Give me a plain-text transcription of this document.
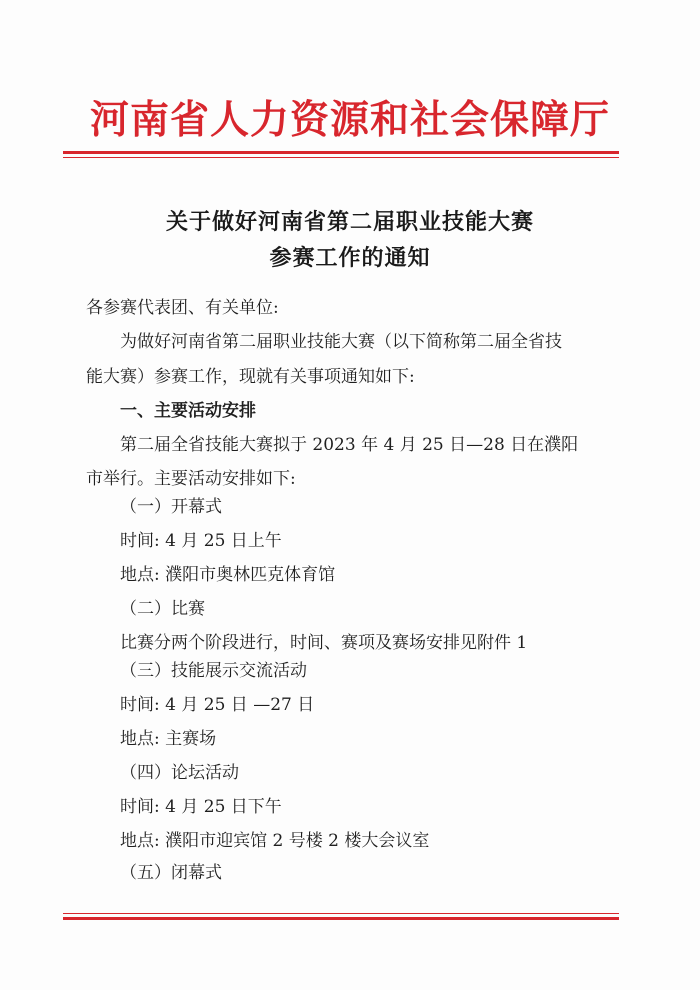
河南省人力资源和社会保障厅
关于做好河南省第二届职业技能大赛
参赛工作的通知
各参赛代表团、有关单位:
为做好河南省第二届职业技能大赛（以下简称第二届全省技
能大赛）参赛工作，现就有关事项通知如下:
一、主要活动安排
第二届全省技能大赛拟于 2023 年 4 月 25 日—28 日在濮阳
市举行。主要活动安排如下:
（一）开幕式
时间: 4 月 25 日上午
地点: 濮阳市奥林匹克体育馆
（二）比赛
比赛分两个阶段进行，时间、赛项及赛场安排见附件 1
（三）技能展示交流活动
时间: 4 月 25 日 —27 日
地点: 主赛场
（四）论坛活动
时间: 4 月 25 日下午
地点: 濮阳市迎宾馆 2 号楼 2 楼大会议室
（五）闭幕式
